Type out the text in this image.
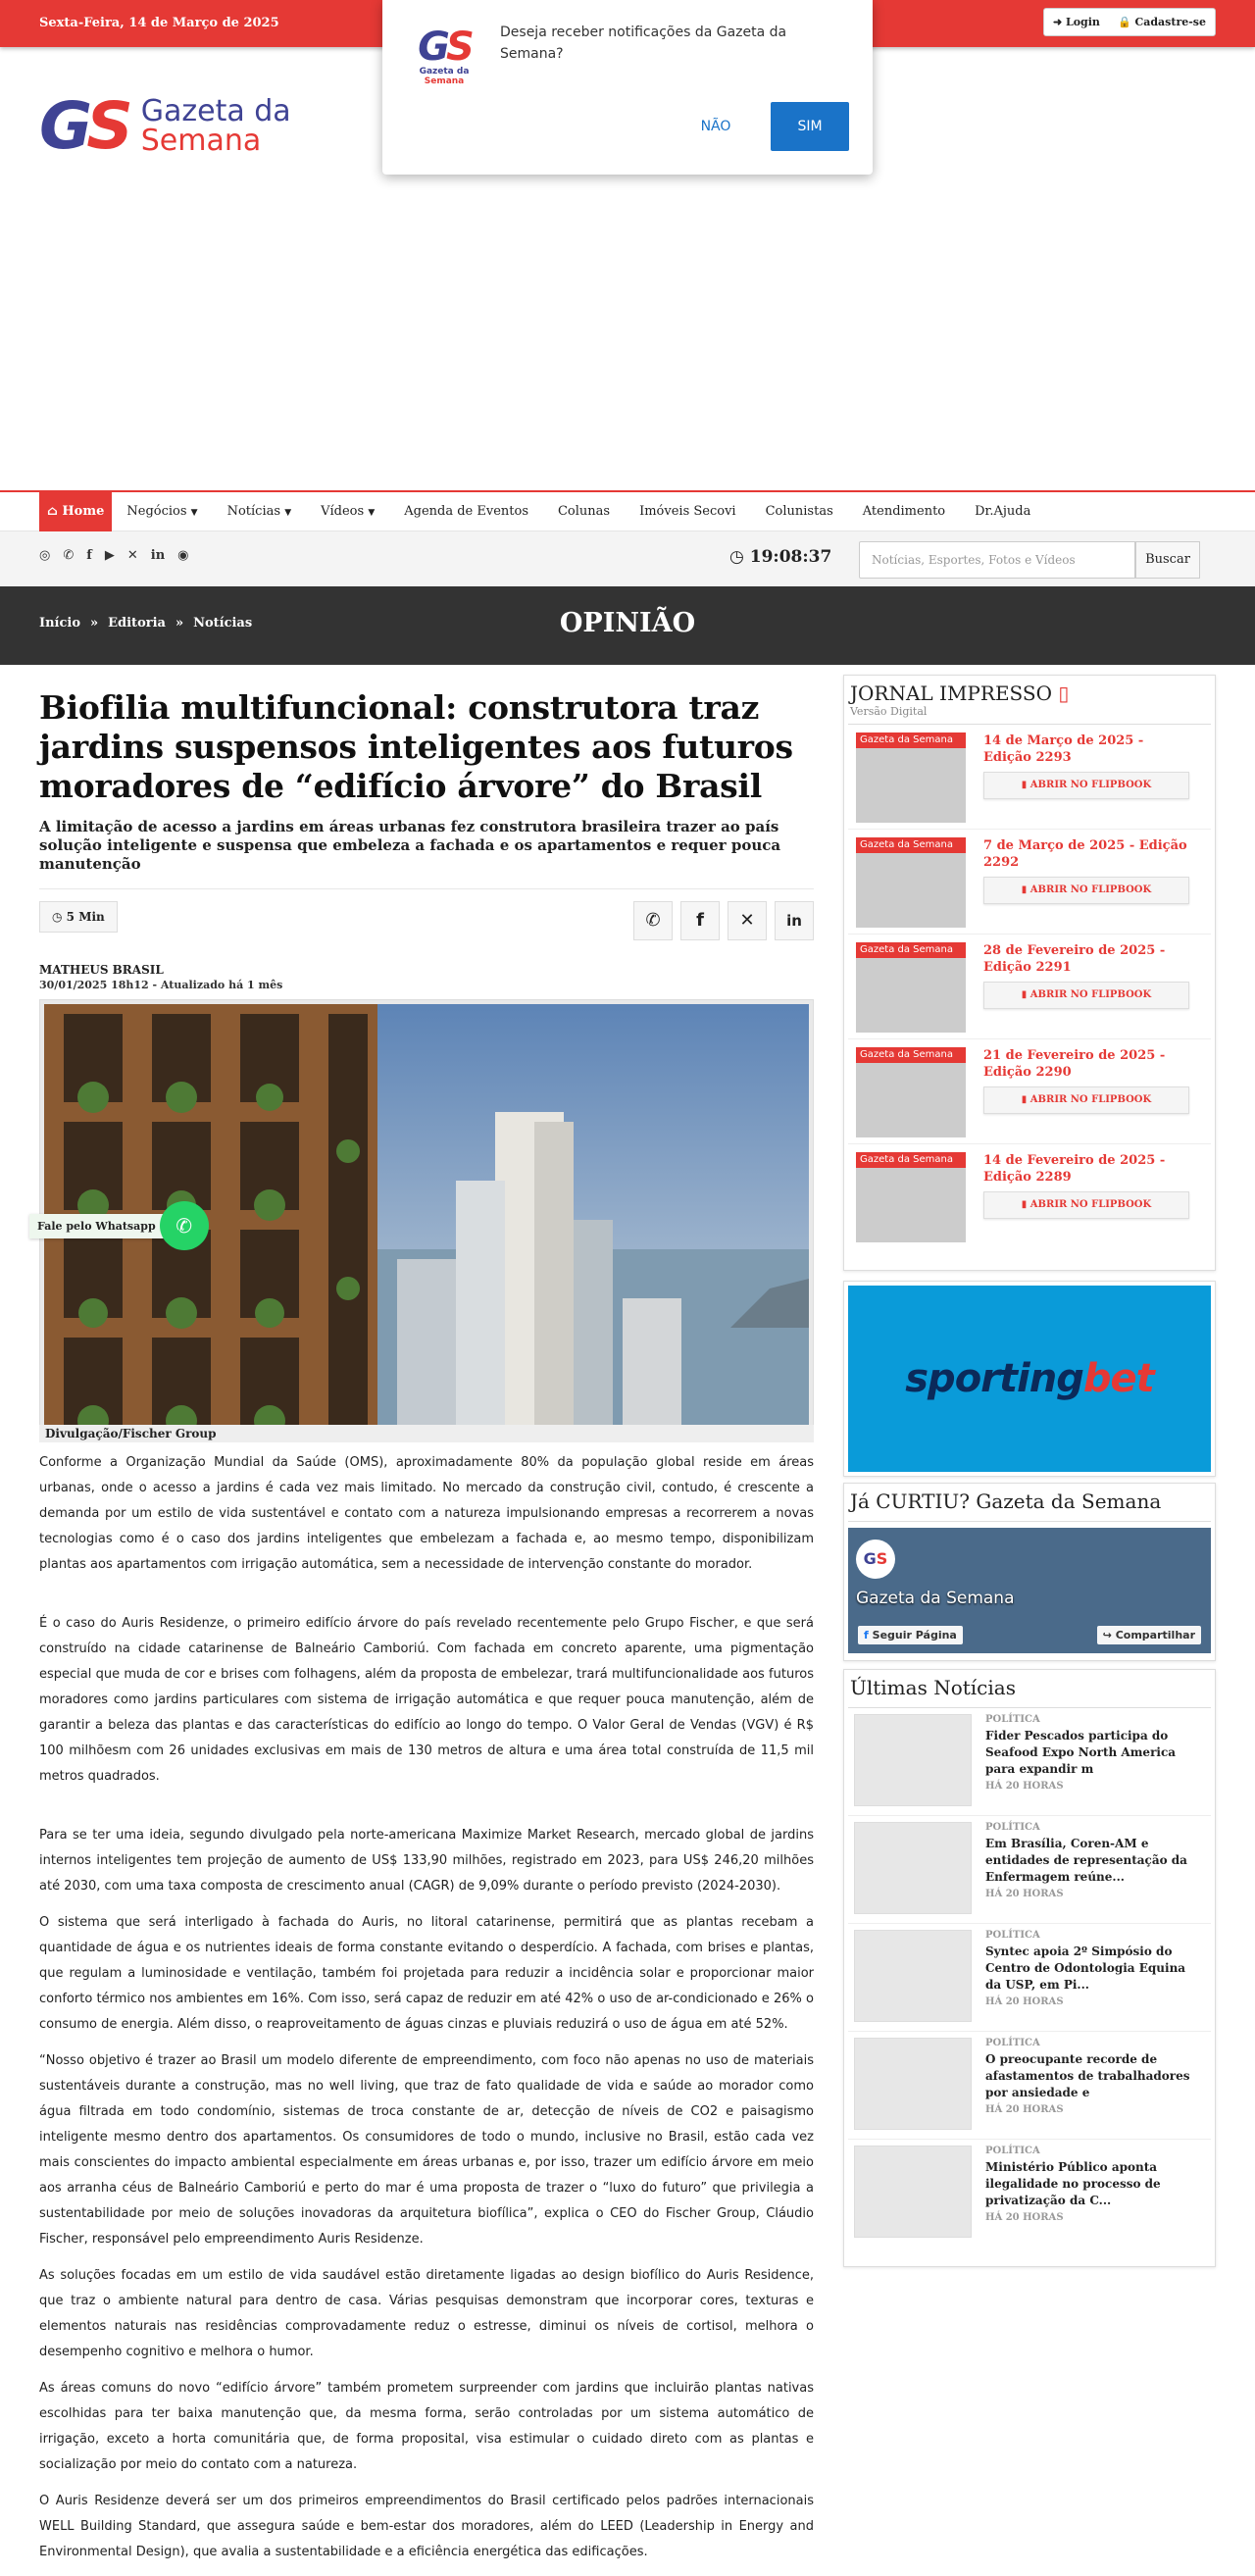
Sexta-Feira, 14 de Março de 2025	➜ Login	🔒 Cadastre-se
GS Gazeta da
Semana
GS
Gazeta da
Semana
Deseja receber notificações da Gazeta da Semana?
NÃO	SIM
⌂ Home	Negócios ▼	Notícias ▼	Vídeos ▼	Agenda de Eventos	Colunas	Imóveis Secovi	Colunistas	Atendimento	Dr.Ajuda
◎ ✆ f ▶ ✕ in ◉	◷ 19:08:37	Notícias, Esportes, Fotos e Vídeos	Buscar
OPINIÃO
Início » Editoria » Notícias
Biofilia multifuncional: construtora traz jardins suspensos inteligentes aos futuros moradores de “edifício árvore” do Brasil
A limitação de acesso a jardins em áreas urbanas fez construtora brasileira trazer ao país solução inteligente e suspensa que embeleza a fachada e os apartamentos e requer pouca manutenção
◷ 5 Min	✆	f	✕	in
MATHEUS BRASIL
30/01/2025 18h12 - Atualizado há 1 mês
Divulgação/Fischer Group

Conforme a Organização Mundial da Saúde (OMS), aproximadamente 80% da população global reside em áreas urbanas, onde o acesso a jardins é cada vez mais limitado. No mercado da construção civil, contudo, é crescente a demanda por um estilo de vida sustentável e contato com a natureza impulsionando empresas a recorrerem a novas tecnologias como é o caso dos jardins inteligentes que embelezam a fachada e, ao mesmo tempo, disponibilizam plantas aos apartamentos com irrigação automática, sem a necessidade de intervenção constante do morador.

É o caso do Auris Residenze, o primeiro edifício árvore do país revelado recentemente pelo Grupo Fischer, e que será construído na cidade catarinense de Balneário Camboriú. Com fachada em concreto aparente, uma pigmentação especial que muda de cor e brises com folhagens, além da proposta de embelezar, trará multifuncionalidade aos futuros moradores como jardins particulares com sistema de irrigação automática e que requer pouca manutenção, além de garantir a beleza das plantas e das características do edifício ao longo do tempo. O Valor Geral de Vendas (VGV) é R$ 100 milhõesm com 26 unidades exclusivas em mais de 130 metros de altura e uma área total construída de 11,5 mil metros quadrados.

Para se ter uma ideia, segundo divulgado pela norte-americana Maximize Market Research, mercado global de jardins internos inteligentes tem projeção de aumento de US$ 133,90 milhões, registrado em 2023, para US$ 246,20 milhões até 2030, com uma taxa composta de crescimento anual (CAGR) de 9,09% durante o período previsto (2024-2030).

O sistema que será interligado à fachada do Auris, no litoral catarinense, permitirá que as plantas recebam a quantidade de água e os nutrientes ideais de forma constante evitando o desperdício. A fachada, com brises e plantas, que regulam a luminosidade e ventilação, também foi projetada para reduzir a incidência solar e proporcionar maior conforto térmico nos ambientes em 16%. Com isso, será capaz de reduzir em até 42% o uso de ar-condicionado e 26% o consumo de energia. Além disso, o reaproveitamento de águas cinzas e pluviais reduzirá o uso de água em até 52%.

“Nosso objetivo é trazer ao Brasil um modelo diferente de empreendimento, com foco não apenas no uso de materiais sustentáveis durante a construção, mas no well living, que traz de fato qualidade de vida e saúde ao morador como água filtrada em todo condomínio, sistemas de troca constante de ar, detecção de níveis de CO2 e paisagismo inteligente mesmo dentro dos apartamentos. Os consumidores de todo o mundo, inclusive no Brasil, estão cada vez mais conscientes do impacto ambiental especialmente em áreas urbanas e, por isso, trazer um edifício árvore em meio aos arranha céus de Balneário Camboriú e perto do mar é uma proposta de trazer o “luxo do futuro” que privilegia a sustentabilidade por meio de soluções inovadoras da arquitetura biofílica”, explica o CEO do Fischer Group, Cláudio Fischer, responsável pelo empreendimento Auris Residenze.

As soluções focadas em um estilo de vida saudável estão diretamente ligadas ao design biofílico do Auris Residence, que traz o ambiente natural para dentro de casa. Várias pesquisas demonstram que incorporar cores, texturas e elementos naturais nas residências comprovadamente reduz o estresse, diminui os níveis de cortisol, melhora o desempenho cognitivo e melhora o humor.

As áreas comuns do novo “edifício árvore” também prometem surpreender com jardins que incluirão plantas nativas escolhidas para ter baixa manutenção que, da mesma forma, serão controladas por um sistema automático de irrigação, exceto a horta comunitária que, de forma proposital, visa estimular o cuidado direto com as plantas e socialização por meio do contato com a natureza.

O Auris Residenze deverá ser um dos primeiros empreendimentos do Brasil certificado pelos padrões internacionais WELL Building Standard, que assegura saúde e bem-estar dos moradores, além do LEED (Leadership in Energy and Environmental Design), que avalia a sustentabilidade e a eficiência energética das edificações.

Fale pelo Whatsapp	✆
JORNAL IMPRESSO ▯
Versão Digital
Gazeta da Semana	14 de Março de 2025 - Edição 2293
▮ ABRIR NO FLIPBOOK
Gazeta da Semana	7 de Março de 2025 - Edição 2292
▮ ABRIR NO FLIPBOOK
Gazeta da Semana	28 de Fevereiro de 2025 - Edição 2291
▮ ABRIR NO FLIPBOOK
Gazeta da Semana	21 de Fevereiro de 2025 - Edição 2290
▮ ABRIR NO FLIPBOOK
Gazeta da Semana	14 de Fevereiro de 2025 - Edição 2289
▮ ABRIR NO FLIPBOOK
sportingbet
Já CURTIU? Gazeta da Semana
GS
Gazeta da Semana
f Seguir Página	↪ Compartilhar
Últimas Notícias
POLÍTICA
Fider Pescados participa do Seafood Expo North America para expandir m
HÁ 20 HORAS
POLÍTICA
Em Brasília, Coren-AM e entidades de representação da Enfermagem reúne...
HÁ 20 HORAS
POLÍTICA
Syntec apoia 2º Simpósio do Centro de Odontologia Equina da USP, em Pi...
HÁ 20 HORAS
POLÍTICA
O preocupante recorde de afastamentos de trabalhadores por ansiedade e
HÁ 20 HORAS
POLÍTICA
Ministério Público aponta ilegalidade no processo de privatização da C...
HÁ 20 HORAS
